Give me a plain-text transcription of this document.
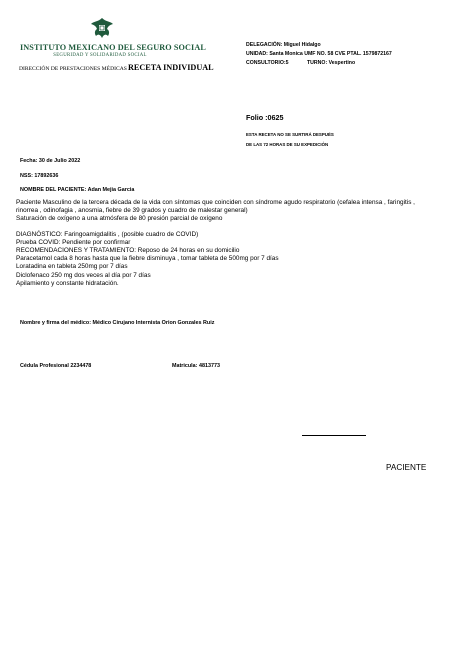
INSTITUTO MEXICANO DEL SEGURO SOCIAL
SEGURIDAD Y SOLIDARIDAD SOCIAL
DIRECCIÓN DE PRESTACIONES MÉDICAS RECETA INDIVIDUAL
DELEGACIÓN: Miguel Hidalgo
UNIDAD: Santa Monica UMF NO. 58 CVE PTAL. 1579872167
CONSULTORIO:5	TURNO: Vespertino
Folio :0625
ESTA RECETA NO SE SURTIRÁ DESPUÉS
DE LAS 72 HORAS DE SU EXPEDICIÓN
Fecha: 30 de Julio 2022
NSS: 17892636
NOMBRE DEL PACIENTE: Adan Mejia Garcia
Paciente Masculino de la tercera década de la vida con síntomas que coinciden con síndrome agudo respiratorio (cefalea intensa , faringitis ,
rinorrea , odinofagia , anosmia, fiebre de 39 grados y cuadro de malestar general)
Saturación de oxígeno a una atmósfera de 80 presión parcial de oxígeno
DIAGNÓSTICO: Faringoamigdalitis , (posible cuadro de COVID)
Prueba COVID: Pendiente por confirmar
RECOMENDACIONES Y TRATAMIENTO: Reposo de 24 horas en su domicilio
Paracetamol cada 8 horas hasta que la fiebre disminuya , tomar tableta de 500mg por 7 días
Loratadina en tableta 250mg por 7 días
Diclofenaco 250 mg dos veces al día por 7 días
Apilamiento y constante hidratación.
Nombre y firma del médico: Médico Cirujano Internista Orion Gonzales Ruiz
Cédula Profesional 2234478	Matricula: 4813773
PACIENTE
